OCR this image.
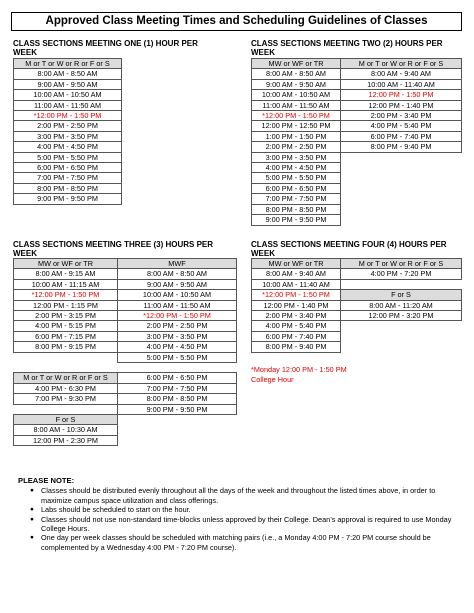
Approved Class Meeting Times and Scheduling Guidelines of Classes
CLASS SECTIONS MEETING ONE (1) HOUR PER WEEK
M or T or W or R or F or S
8:00 AM - 8:50 AM
9:00 AM - 9:50 AM
10:00 AM - 10:50 AM
11:00 AM - 11:50 AM
*12:00 PM - 1:50 PM
2:00 PM - 2:50 PM
3:00 PM - 3:50 PM
4:00 PM - 4:50 PM
5:00 PM - 5:50 PM
6:00 PM - 6:50 PM
7:00 PM - 7:50 PM
8:00 PM - 8:50 PM
9:00 PM - 9:50 PM
CLASS SECTIONS MEETING TWO (2) HOURS PER WEEK
MW or WF or TR	M or T or W or R or F or S
8:00 AM - 8:50 AM	8:00 AM - 9:40 AM
9:00 AM - 9:50 AM	10:00 AM - 11:40 AM
10:00 AM - 10:50 AM	12:00 PM - 1:50 PM
11:00 AM - 11:50 AM	12:00 PM - 1:40 PM
*12:00 PM - 1:50 PM	2:00 PM - 3:40 PM
12:00 PM - 12:50 PM	4:00 PM - 5:40 PM
1:00 PM - 1:50 PM	6:00 PM - 7:40 PM
2:00 PM - 2:50 PM	8:00 PM - 9:40 PM
3:00 PM - 3:50 PM	
4:00 PM - 4:50 PM	
5:00 PM - 5:50 PM	
6:00 PM - 6:50 PM	
7:00 PM - 7:50 PM	
8:00 PM - 8:50 PM	
9:00 PM - 9:50 PM	
CLASS SECTIONS MEETING THREE (3) HOURS PER WEEK
MW or WF or TR	MWF
8:00 AM - 9:15 AM	8:00 AM - 8:50 AM
10:00 AM - 11:15 AM	9:00 AM - 9:50 AM
*12:00 PM - 1:50 PM	10:00 AM - 10:50 AM
12:00 PM - 1:15 PM	11:00 AM - 11:50 AM
2:00 PM - 3:15 PM	*12:00 PM - 1:50 PM
4:00 PM - 5:15 PM	2:00 PM - 2:50 PM
6:00 PM - 7:15 PM	3:00 PM - 3:50 PM
8:00 PM - 9:15 PM	4:00 PM - 4:50 PM
	5:00 PM - 5:50 PM

M or T or W or R or F or S	6:00 PM - 6:50 PM
4:00 PM - 6:30 PM	7:00 PM - 7:50 PM
7:00 PM - 9:30 PM	8:00 PM - 8:50 PM
	9:00 PM - 9:50 PM
F or S	
8:00 AM - 10:30 AM	
12:00 PM - 2:30 PM	
CLASS SECTIONS MEETING FOUR (4) HOURS PER WEEK
MW or WF or TR	M or T or W or R or F or S
8:00 AM - 9:40 AM	4:00 PM - 7:20 PM
10:00 AM - 11:40 AM	
*12:00 PM - 1:50 PM	F or S
12:00 PM - 1:40 PM	8:00 AM - 11:20 AM
2:00 PM - 3:40 PM	12:00 PM - 3:20 PM
4:00 PM - 5:40 PM	
6:00 PM - 7:40 PM	
8:00 PM - 9:40 PM	
*Monday 12:00 PM - 1:50 PM College Hour
PLEASE NOTE:
● Classes should be distributed evenly throughout all the days of the week and throughout the listed times above, in order to maximize campus space utilization and class offerings.
● Labs should be scheduled to start on the hour.
● Classes should not use non-standard time-blocks unless approved by their College. Dean’s approval is required to use Monday College Hours.
● One day per week classes should be scheduled with matching pairs (i.e., a Monday 4:00 PM - 7:20 PM course should be complemented by a Wednesday 4:00 PM - 7:20 PM course).
